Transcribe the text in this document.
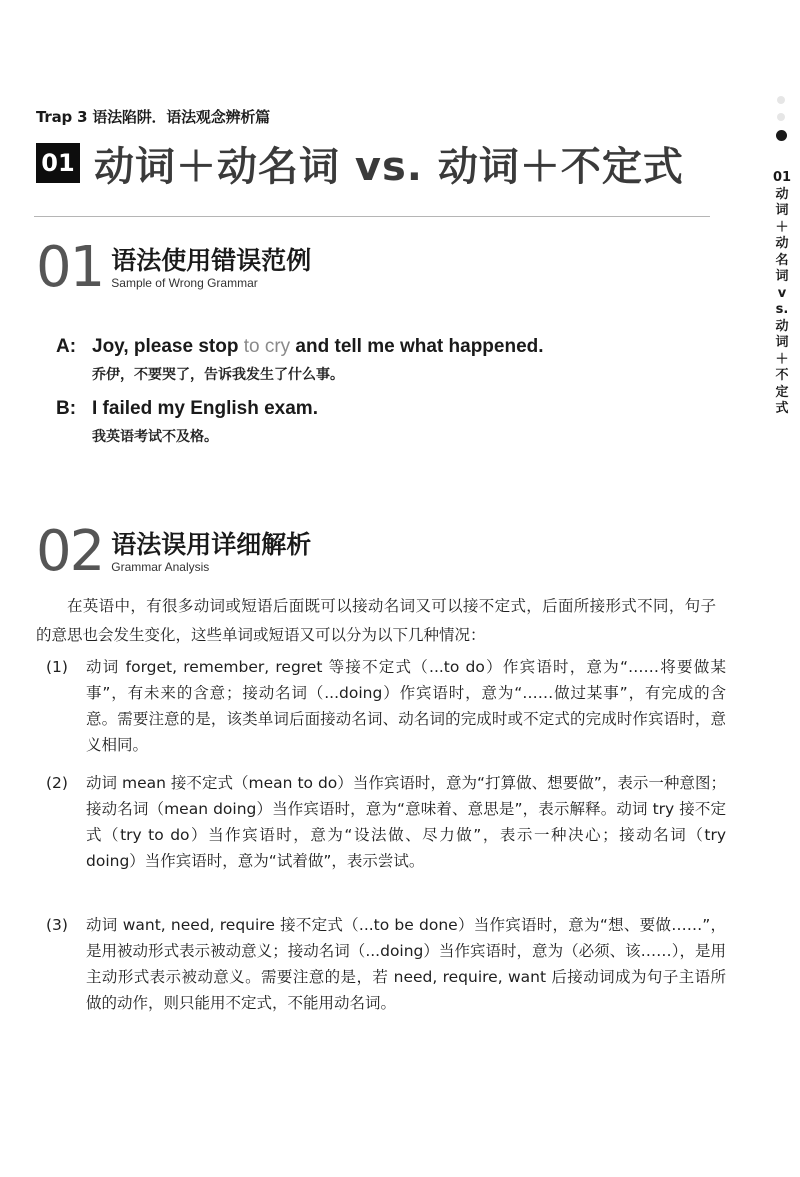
Trap 3 语法陷阱．语法观念辨析篇
01 动词＋动名词 vs. 动词＋不定式	01动词＋动名词vs.动词＋不定式
01 语法使用错误范例
Sample of Wrong Grammar
A: Joy, please stop to cry and tell me what happened.
乔伊，不要哭了，告诉我发生了什么事。
B: I failed my English exam.
我英语考试不及格。
02 语法误用详细解析
Grammar Analysis
在英语中，有很多动词或短语后面既可以接动名词又可以接不定式，后面所接形式不同，句子的意思也会发生变化，这些单词或短语又可以分为以下几种情况：
(1)	动词 forget, remember, regret 等接不定式（...to do）作宾语时，意为“……将要做某事”，有未来的含意；接动名词（...doing）作宾语时，意为“……做过某事”，有完成的含意。需要注意的是，该类单词后面接动名词、动名词的完成时或不定式的完成时作宾语时，意义相同。
(2)	动词 mean 接不定式（mean to do）当作宾语时，意为“打算做、想要做”，表示一种意图；接动名词（mean doing）当作宾语时，意为“意味着、意思是”，表示解释。动词 try 接不定式（try to do）当作宾语时，意为“设法做、尽力做”，表示一种决心；接动名词（try doing）当作宾语时，意为“试着做”，表示尝试。
(3)	动词 want, need, require 接不定式（...to be done）当作宾语时，意为“想、要做……”，是用被动形式表示被动意义；接动名词（...doing）当作宾语时，意为（必须、该……），是用主动形式表示被动意义。需要注意的是，若 need, require, want 后接动词成为句子主语所做的动作，则只能用不定式，不能用动名词。
